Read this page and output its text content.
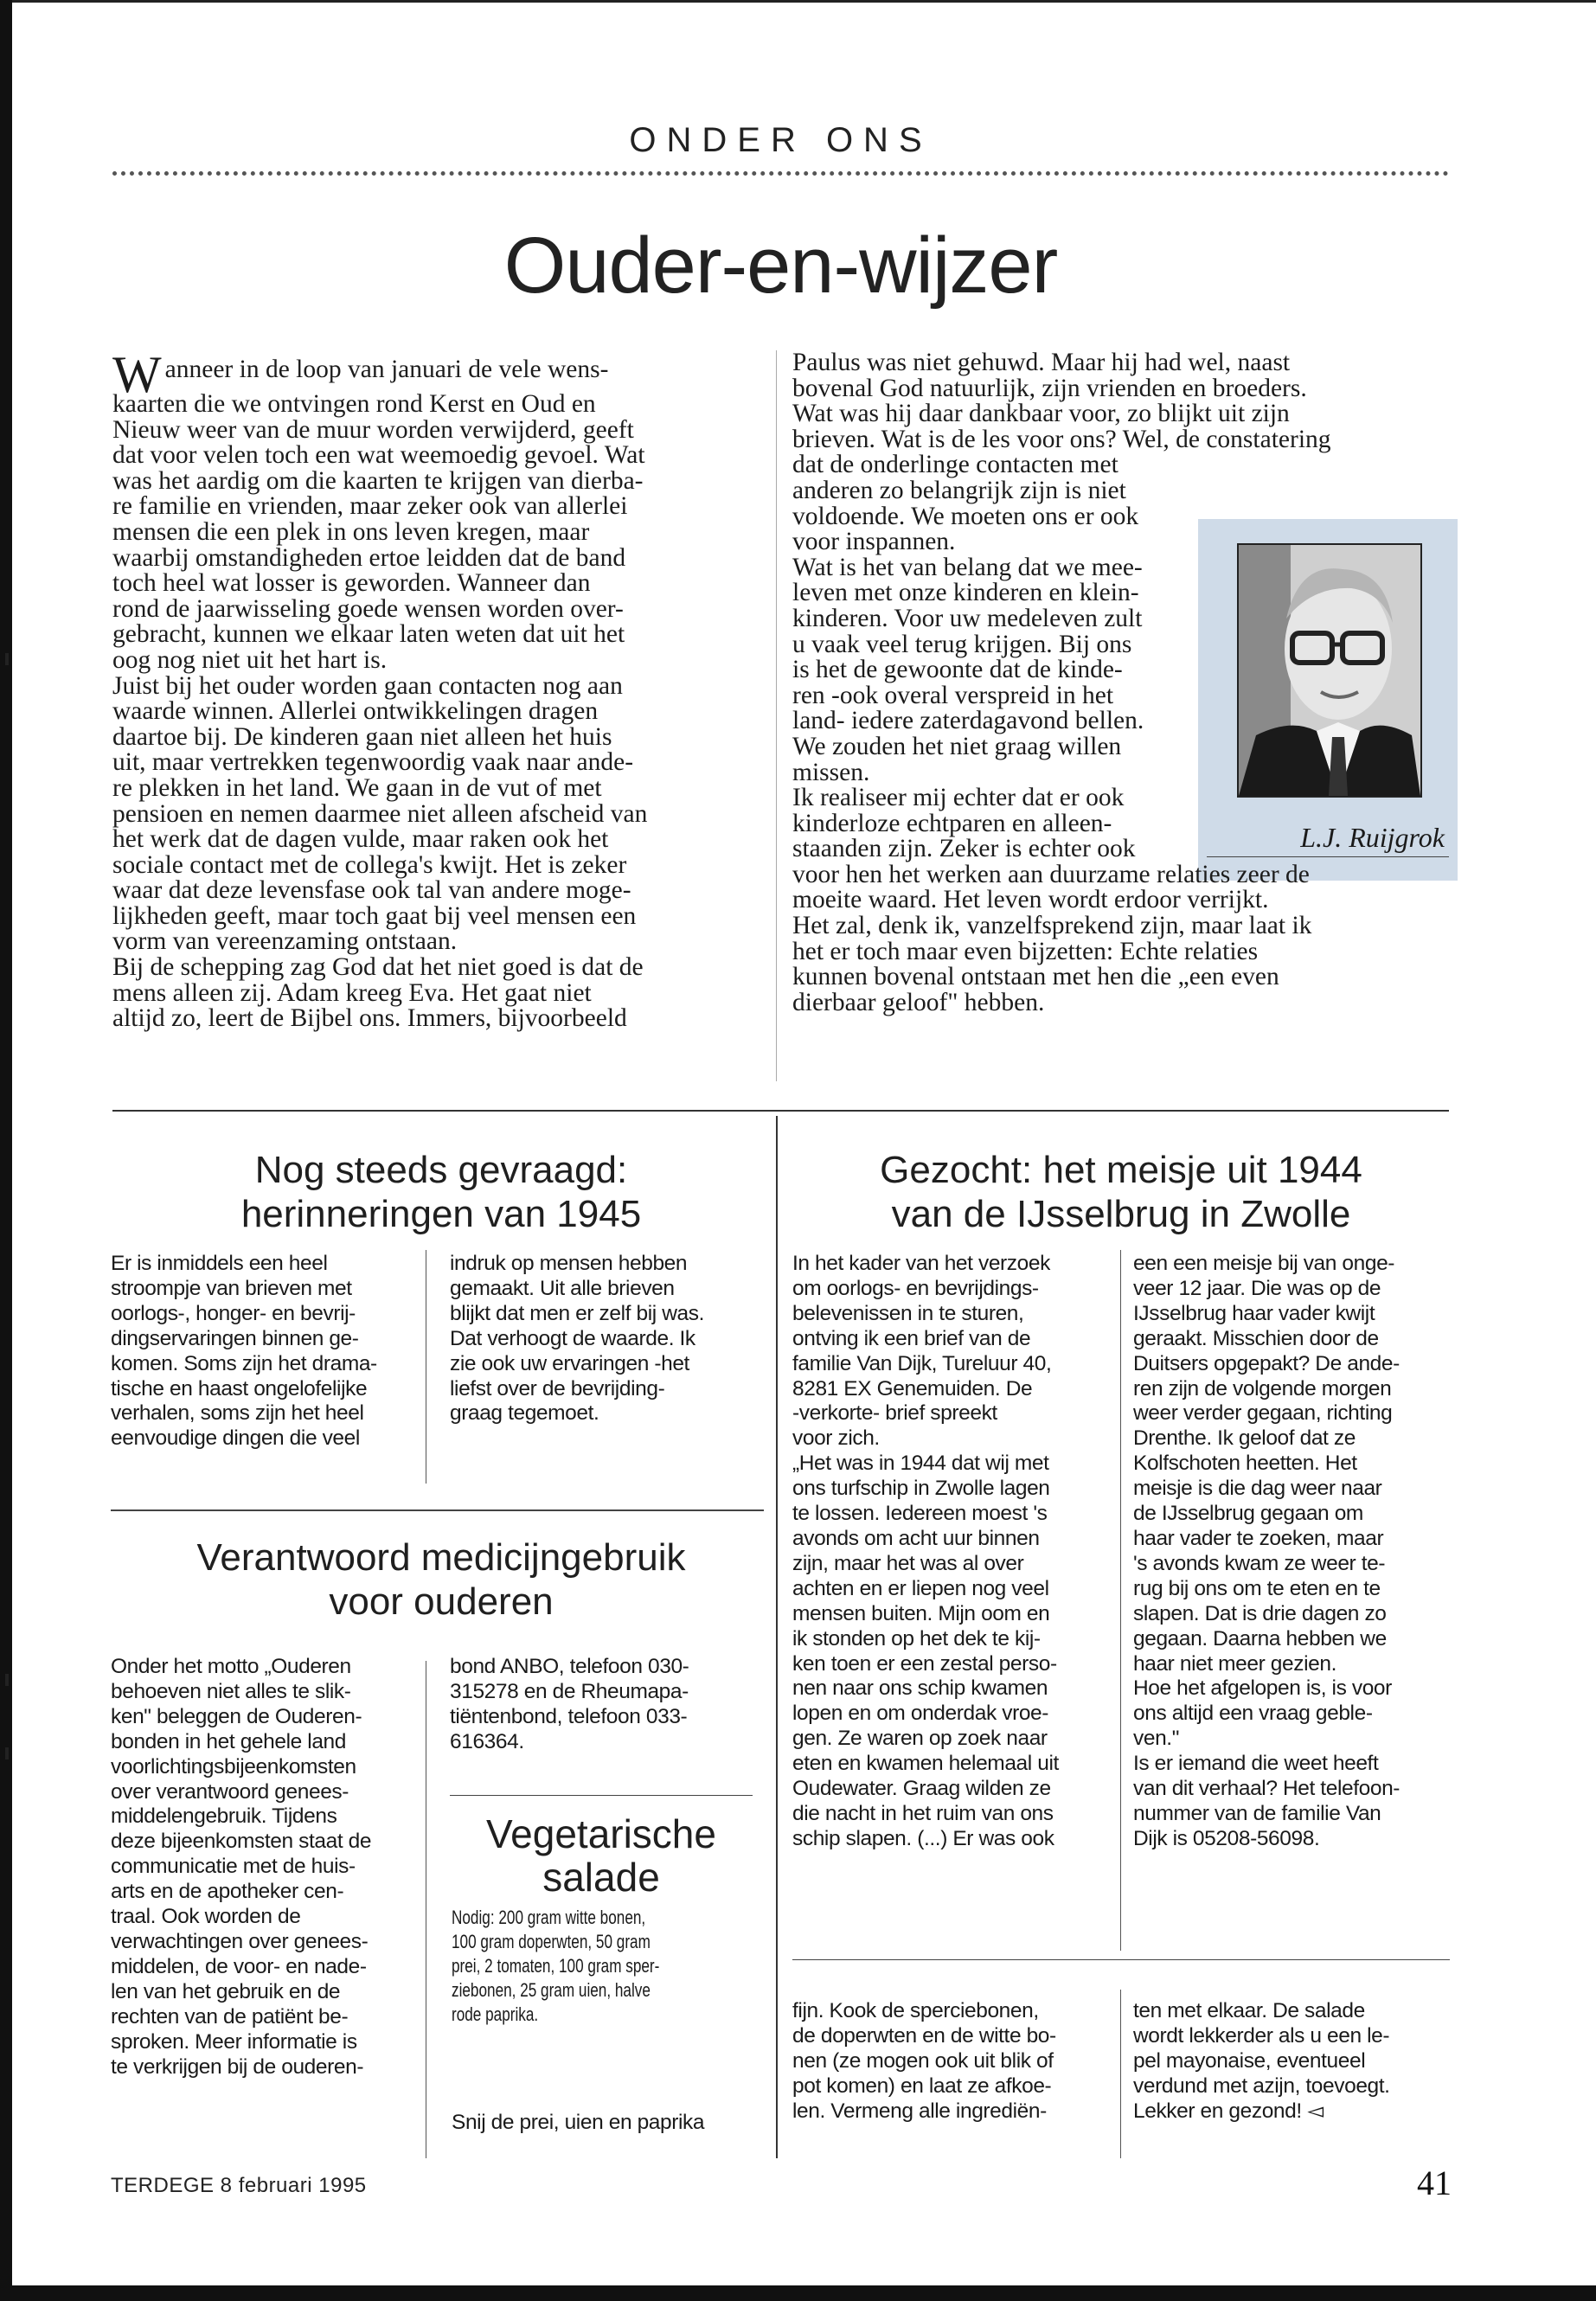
ONDER ONS
Ouder-en-wijzer
W anneer in de loop van januari de vele wens-
kaarten die we ontvingen rond Kerst en Oud en
Nieuw weer van de muur worden verwijderd, geeft
dat voor velen toch een wat weemoedig gevoel. Wat
was het aardig om die kaarten te krijgen van dierba-
re familie en vrienden, maar zeker ook van allerlei
mensen die een plek in ons leven kregen, maar
waarbij omstandigheden ertoe leidden dat de band
toch heel wat losser is geworden. Wanneer dan
rond de jaarwisseling goede wensen worden over-
gebracht, kunnen we elkaar laten weten dat uit het
oog nog niet uit het hart is.
Juist bij het ouder worden gaan contacten nog aan
waarde winnen. Allerlei ontwikkelingen dragen
daartoe bij. De kinderen gaan niet alleen het huis
uit, maar vertrekken tegenwoordig vaak naar ande-
re plekken in het land. We gaan in de vut of met
pensioen en nemen daarmee niet alleen afscheid van
het werk dat de dagen vulde, maar raken ook het
sociale contact met de collega's kwijt. Het is zeker
waar dat deze levensfase ook tal van andere moge-
lijkheden geeft, maar toch gaat bij veel mensen een
vorm van vereenzaming ontstaan.
Bij de schepping zag God dat het niet goed is dat de
mens alleen zij. Adam kreeg Eva. Het gaat niet
altijd zo, leert de Bijbel ons. Immers, bijvoorbeeld
L.J. Ruijgrok
Paulus was niet gehuwd. Maar hij had wel, naast
bovenal God natuurlijk, zijn vrienden en broeders.
Wat was hij daar dankbaar voor, zo blijkt uit zijn
brieven. Wat is de les voor ons? Wel, de constatering
dat de onderlinge contacten met
anderen zo belangrijk zijn is niet
voldoende. We moeten ons er ook
voor inspannen.
Wat is het van belang dat we mee-
leven met onze kinderen en klein-
kinderen. Voor uw medeleven zult
u vaak veel terug krijgen. Bij ons
is het de gewoonte dat de kinde-
ren -ook overal verspreid in het
land- iedere zaterdagavond bellen.
We zouden het niet graag willen
missen.
Ik realiseer mij echter dat er ook
kinderloze echtparen en alleen-
staanden zijn. Zeker is echter ook
voor hen het werken aan duurzame relaties zeer de
moeite waard. Het leven wordt erdoor verrijkt.
Het zal, denk ik, vanzelfsprekend zijn, maar laat ik
het er toch maar even bijzetten: Echte relaties
kunnen bovenal ontstaan met hen die „een even
dierbaar geloof" hebben.
Nog steeds gevraagd:
herinneringen van 1945
Er is inmiddels een heel
stroompje van brieven met
oorlogs-, honger- en bevrij-
dingservaringen binnen ge-
komen. Soms zijn het drama-
tische en haast ongelofelijke
verhalen, soms zijn het heel
eenvoudige dingen die veel
indruk op mensen hebben
gemaakt. Uit alle brieven
blijkt dat men er zelf bij was.
Dat verhoogt de waarde. Ik
zie ook uw ervaringen -het
liefst over de bevrijding-
graag tegemoet.
Verantwoord medicijngebruik
voor ouderen
Onder het motto „Ouderen
behoeven niet alles te slik-
ken" beleggen de Ouderen-
bonden in het gehele land
voorlichtingsbijeenkomsten
over verantwoord genees-
middelengebruik. Tijdens
deze bijeenkomsten staat de
communicatie met de huis-
arts en de apotheker cen-
traal. Ook worden de
verwachtingen over genees-
middelen, de voor- en nade-
len van het gebruik en de
rechten van de patiënt be-
sproken. Meer informatie is
te verkrijgen bij de ouderen-
bond ANBO, telefoon 030-
315278 en de Rheumapa-
tiëntenbond, telefoon 033-
616364.
Vegetarische
salade
Nodig: 200 gram witte bonen,
100 gram doperwten, 50 gram
prei, 2 tomaten, 100 gram sper-
ziebonen, 25 gram uien, halve
rode paprika.
Snij de prei, uien en paprika
fijn. Kook de sperciebonen,
de doperwten en de witte bo-
nen (ze mogen ook uit blik of
pot komen) en laat ze afkoe-
len. Vermeng alle ingrediën-
ten met elkaar. De salade
wordt lekkerder als u een le-
pel mayonaise, eventueel
verdund met azijn, toevoegt.
Lekker en gezond! ◅
Gezocht: het meisje uit 1944
van de IJsselbrug in Zwolle
In het kader van het verzoek
om oorlogs- en bevrijdings-
belevenissen in te sturen,
ontving ik een brief van de
familie Van Dijk, Tureluur 40,
8281 EX Genemuiden. De
-verkorte- brief spreekt
voor zich.
„Het was in 1944 dat wij met
ons turfschip in Zwolle lagen
te lossen. Iedereen moest 's
avonds om acht uur binnen
zijn, maar het was al over
achten en er liepen nog veel
mensen buiten. Mijn oom en
ik stonden op het dek te kij-
ken toen er een zestal perso-
nen naar ons schip kwamen
lopen en om onderdak vroe-
gen. Ze waren op zoek naar
eten en kwamen helemaal uit
Oudewater. Graag wilden ze
die nacht in het ruim van ons
schip slapen. (...) Er was ook
een een meisje bij van onge-
veer 12 jaar. Die was op de
IJsselbrug haar vader kwijt
geraakt. Misschien door de
Duitsers opgepakt? De ande-
ren zijn de volgende morgen
weer verder gegaan, richting
Drenthe. Ik geloof dat ze
Kolfschoten heetten. Het
meisje is die dag weer naar
de IJsselbrug gegaan om
haar vader te zoeken, maar
's avonds kwam ze weer te-
rug bij ons om te eten en te
slapen. Dat is drie dagen zo
gegaan. Daarna hebben we
haar niet meer gezien.
Hoe het afgelopen is, is voor
ons altijd een vraag geble-
ven."
Is er iemand die weet heeft
van dit verhaal? Het telefoon-
nummer van de familie Van
Dijk is 05208-56098.
TERDEGE 8 februari 1995	41
